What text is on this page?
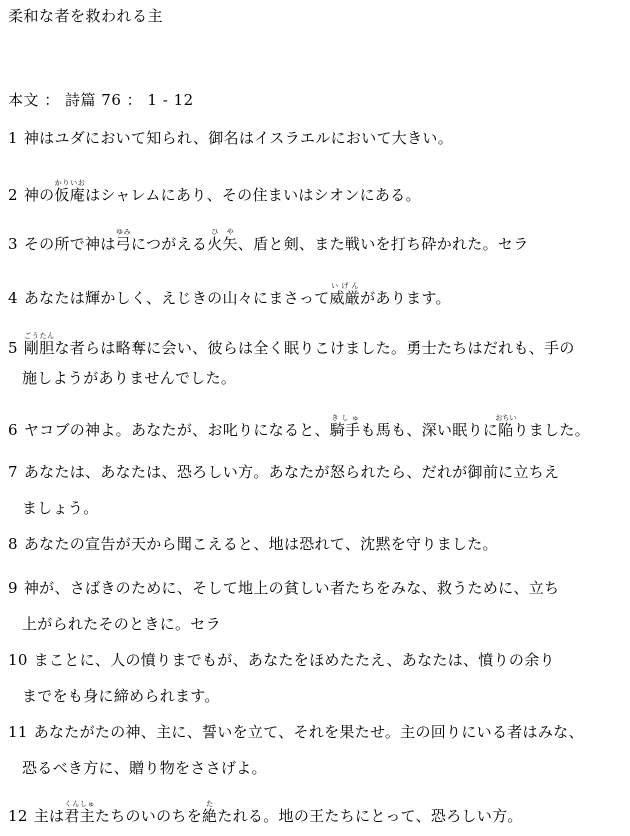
柔和な者を救われる主
本文 ： 詩篇 76 ： 1 - 12
1 神はユダにおいて知られ、御名はイスラエルにおいて大きい。
2 神の仮庵かりいおはシャレムにあり、その住まいはシオンにある。
3 その所で神は弓ゆみにつがえる火ひ矢や、盾と剣、また戦いを打ち砕かれた。セラ
4 あなたは輝かしく、えじきの山々にまさって威厳いげんがあります。
5 剛胆ごうたんな者らは略奪に会い、彼らは全く眠りこけました。勇士たちはだれも、手の
施しようがありませんでした。
6 ヤコブの神よ。あなたが、お叱りになると、騎手きしゅも馬も、深い眠りに陥おちいりました。
7 あなたは、あなたは、恐ろしい方。あなたが怒られたら、だれが御前に立ちえ
ましょう。
8 あなたの宣告が天から聞こえると、地は恐れて、沈黙を守りました。
9 神が、さばきのために、そして地上の貧しい者たちをみな、救うために、立ち
上がられたそのときに。セラ
10 まことに、人の憤りまでもが、あなたをほめたたえ、あなたは、憤りの余り
までをも身に締められます。
11 あなたがたの神、主に、誓いを立て、それを果たせ。主の回りにいる者はみな、
恐るべき方に、贈り物をささげよ。
12 主は君主くんしゅたちのいのちを絶たたれる。地の王たちにとって、恐ろしい方。
